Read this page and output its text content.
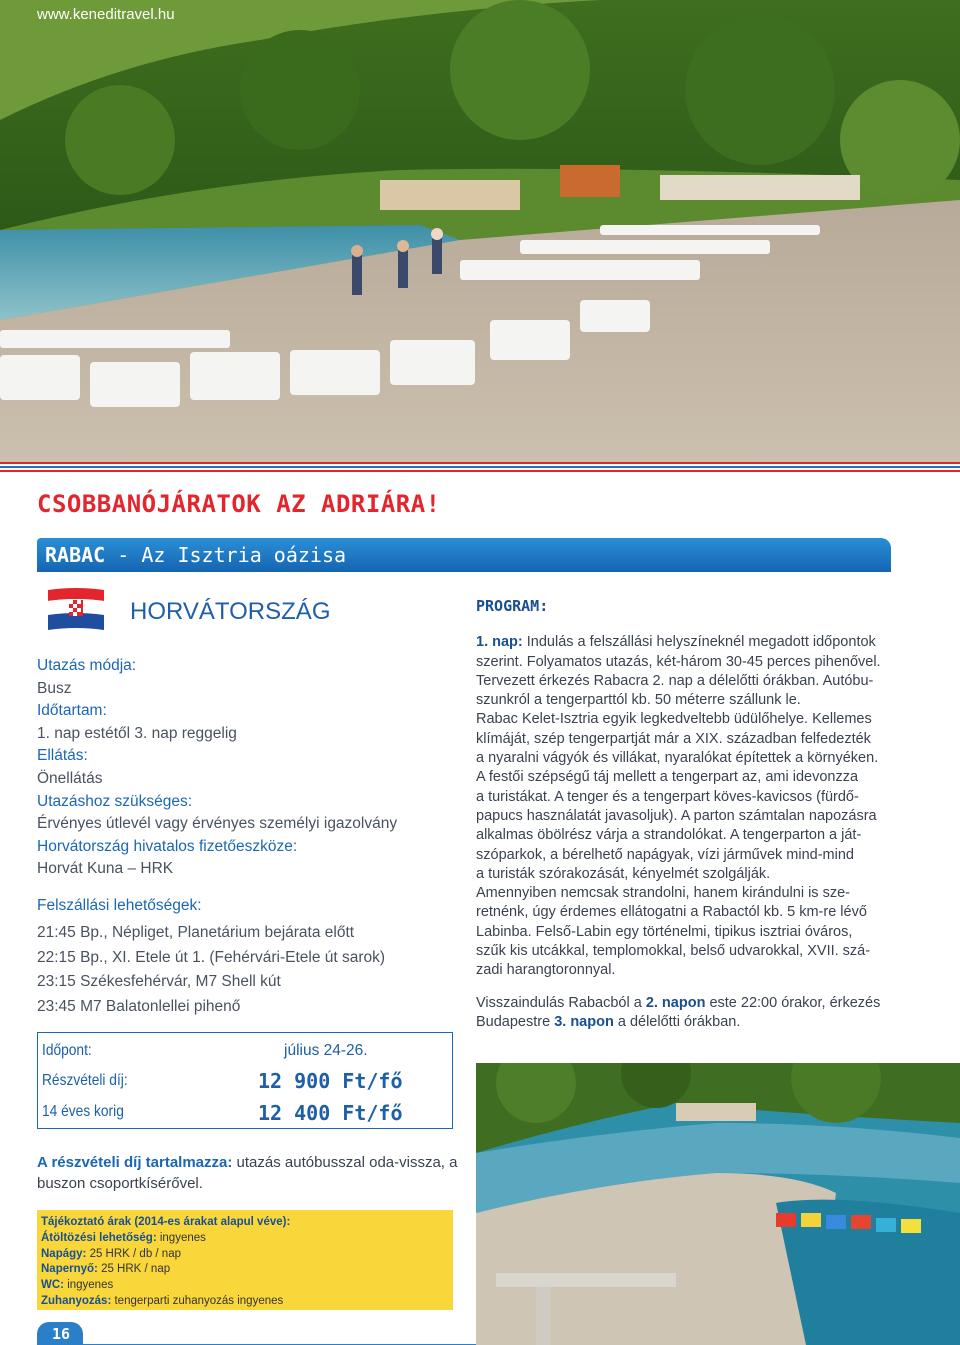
www.keneditravel.hu
CSOBBANÓJÁRATOK AZ ADRIÁRA!
RABAC - Az Isztria oázisa
HORVÁTORSZÁG
Utazás módja:
Busz
Időtartam:
1. nap estétől 3. nap reggelig
Ellátás:
Önellátás
Utazáshoz szükséges:
Érvényes útlevél vagy érvényes személyi igazolvány
Horvátország hivatalos fizetőeszköze:
Horvát Kuna – HRK
Felszállási lehetőségek:
21:45 Bp., Népliget, Planetárium bejárata előtt
22:15 Bp., XI. Etele út 1. (Fehérvári-Etele út sarok)
23:15 Székesfehérvár, M7 Shell kút
23:45 M7 Balatonlellei pihenő
Időpont:	július 24-26.
Részvételi díj:	12 900 Ft/fő
14 éves korig	12 400 Ft/fő
A részvételi díj tartalmazza: utazás autóbusszal oda-vissza, a buszon csoportkísérővel.
Tájékoztató árak (2014-es árakat alapul véve):
Átöltözési lehetőség: ingyenes
Napágy: 25 HRK / db / nap
Napernyő: 25 HRK / nap
WC: ingyenes
Zuhanyozás: tengerparti zuhanyozás ingyenes
16
PROGRAM:
1. nap: Indulás a felszállási helyszíneknél megadott időpontok
szerint. Folyamatos utazás, két-három 30-45 perces pihenővel.
Tervezett érkezés Rabacra 2. nap a délelőtti órákban. Autóbu-
szunkról a tengerparttól kb. 50 méterre szállunk le.
Rabac Kelet-Isztria egyik legkedveltebb üdülőhelye. Kellemes
klímáját, szép tengerpartját már a XIX. században felfedezték
a nyaralni vágyók és villákat, nyaralókat építettek a környéken.
A festői szépségű táj mellett a tengerpart az, ami idevonzza
a turistákat. A tenger és a tengerpart köves-kavicsos (fürdő-
papucs használatát javasoljuk). A parton számtalan napozásra
alkalmas öbölrész várja a strandolókat. A tengerparton a ját-
szóparkok, a bérelhető napágyak, vízi járművek mind-mind
a turisták szórakozását, kényelmét szolgálják.
Amennyiben nemcsak strandolni, hanem kirándulni is sze-
retnénk, úgy érdemes ellátogatni a Rabactól kb. 5 km-re lévő
Labinba. Felső-Labin egy történelmi, tipikus isztriai óváros,
szűk kis utcákkal, templomokkal, belső udvarokkal, XVII. szá-
zadi harangtoronnyal.
Visszaindulás Rabacból a 2. napon este 22:00 órakor, érkezés
Budapestre 3. napon a délelőtti órákban.
